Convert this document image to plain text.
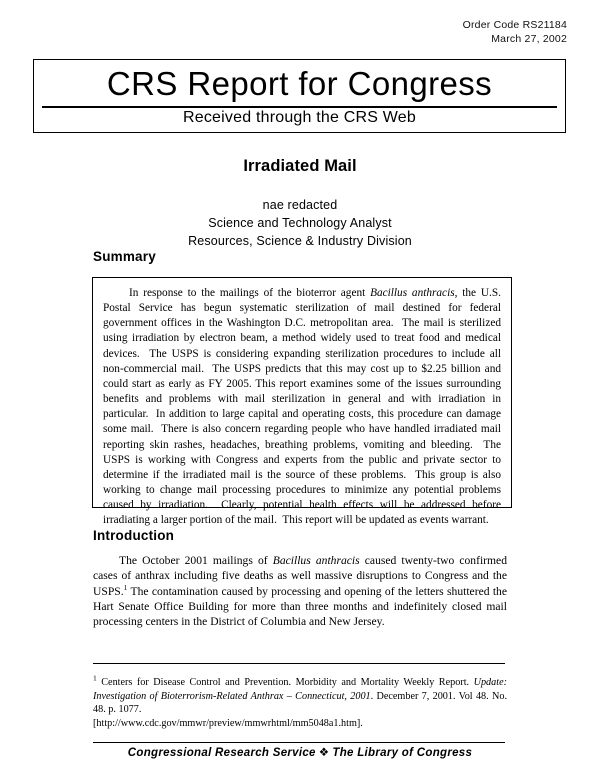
Order Code RS21184
March 27, 2002
CRS Report for Congress
Received through the CRS Web
Irradiated Mail
nae redacted
Science and Technology Analyst
Resources, Science & Industry Division
Summary
In response to the mailings of the bioterror agent Bacillus anthracis, the U.S. Postal Service has begun systematic sterilization of mail destined for federal government offices in the Washington D.C. metropolitan area.  The mail is sterilized using irradiation by electron beam, a method widely used to treat food and medical devices.  The USPS is considering expanding sterilization procedures to include all non-commercial mail.  The USPS predicts that this may cost up to $2.25 billion and could start as early as FY 2005. This report examines some of the issues surrounding benefits and problems with mail sterilization in general and with irradiation in particular.  In addition to large capital and operating costs, this procedure can damage some mail.  There is also concern regarding people who have handled irradiated mail reporting skin rashes, headaches, breathing problems, vomiting and bleeding.  The USPS is working with Congress and experts from the public and private sector to determine if the irradiated mail is the source of these problems.  This group is also working to change mail processing procedures to minimize any potential problems caused by irradiation.  Clearly, potential health effects will be addressed before irradiating a larger portion of the mail.  This report will be updated as events warrant.
Introduction
The October 2001 mailings of Bacillus anthracis caused twenty-two confirmed cases of anthrax including five deaths as well massive disruptions to Congress and the USPS.$^1$ The contamination caused by processing and opening of the letters shuttered the Hart Senate Office Building for more than three months and indefinitely closed mail processing centers in the District of Columbia and New Jersey.
$^1$ Centers for Disease Control and Prevention. Morbidity and Mortality Weekly Report. Update: Investigation of Bioterrorism-Related Anthrax – Connecticut, 2001. December 7, 2001. Vol 48. No. 48. p. 1077.
[http://www.cdc.gov/mmwr/preview/mmwrhtml/mm5048a1.htm].
Congressional Research Service ❖ The Library of Congress
